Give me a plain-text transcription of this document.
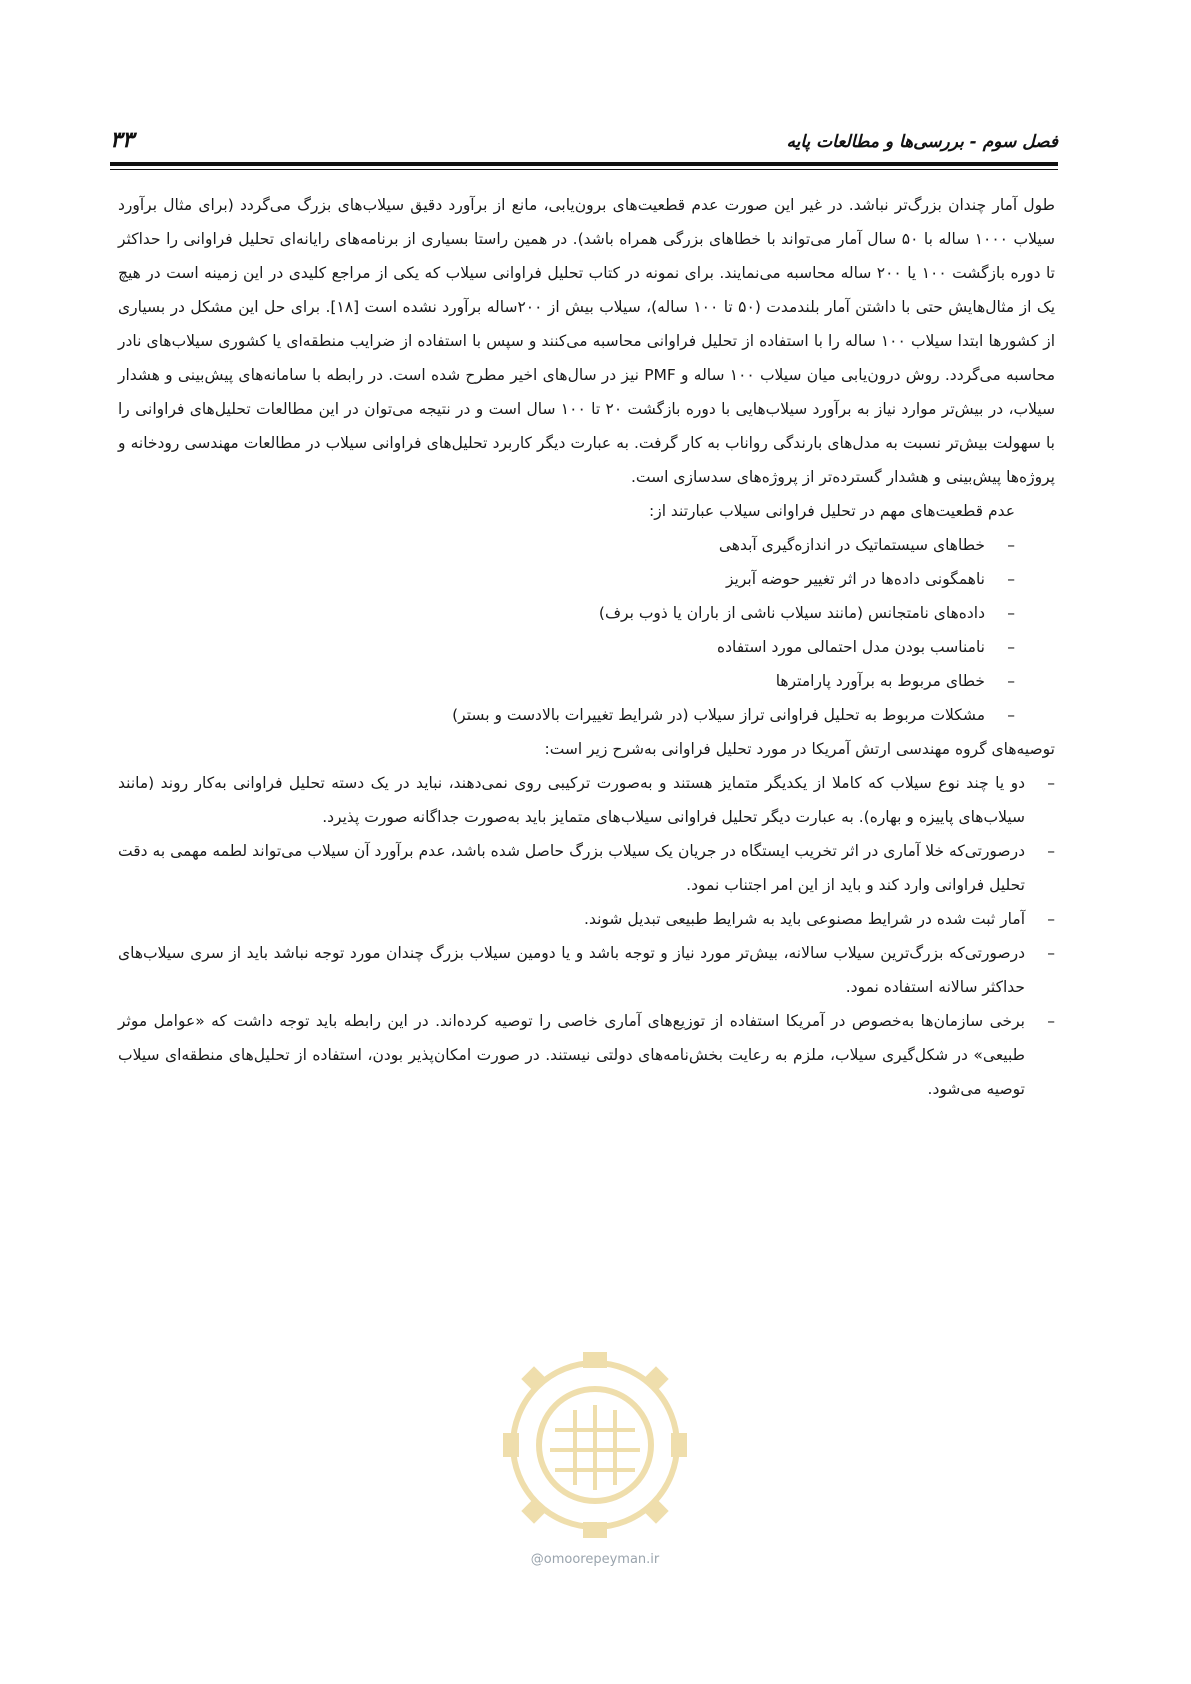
فصل سوم - بررسی‌ها و مطالعات پایه
۳۳

طول آمار چندان بزرگ‌تر نباشد. در غیر این صورت عدم قطعیت‌های برون‌یابی، مانع از برآورد دقیق سیلاب‌های بزرگ می‌گردد (برای مثال برآورد سیلاب ۱۰۰۰ ساله با ۵۰ سال آمار می‌تواند با خطاهای بزرگی همراه باشد). در همین راستا بسیاری از برنامه‌های رایانه‌ای تحلیل فراوانی را حداکثر تا دوره بازگشت ۱۰۰ یا ۲۰۰ ساله محاسبه می‌نمایند. برای نمونه در کتاب تحلیل فراوانی سیلاب که یکی از مراجع کلیدی در این زمینه است در هیچ یک از مثال‌هایش حتی با داشتن آمار بلندمدت (۵۰ تا ۱۰۰ ساله)، سیلاب بیش از ۲۰۰ساله برآورد نشده است [۱۸]. برای حل این مشکل در بسیاری از کشورها ابتدا سیلاب ۱۰۰ ساله را با استفاده از تحلیل فراوانی محاسبه می‌کنند و سپس با استفاده از ضرایب منطقه‌ای یا کشوری سیلاب‌های نادر محاسبه می‌گردد. روش درون‌یابی میان سیلاب ۱۰۰ ساله و PMF نیز در سال‌های اخیر مطرح شده است. در رابطه با سامانه‌های پیش‌بینی و هشدار سیلاب، در بیش‌تر موارد نیاز به برآورد سیلاب‌هایی با دوره بازگشت ۲۰ تا ۱۰۰ سال است و در نتیجه می‌توان در این مطالعات تحلیل‌های فراوانی را با سهولت بیش‌تر نسبت به مدل‌های بارندگی رواناب به کار گرفت. به عبارت دیگر کاربرد تحلیل‌های فراوانی سیلاب در مطالعات مهندسی رودخانه و پروژه‌ها پیش‌بینی و هشدار گسترده‌تر از پروژه‌های سدسازی است.

عدم قطعیت‌های مهم در تحلیل فراوانی سیلاب عبارتند از:

– خطاهای سیستماتیک در اندازه‌گیری آبدهی
– ناهمگونی داده‌ها در اثر تغییر حوضه آبریز
– داده‌های نامتجانس (مانند سیلاب ناشی از باران یا ذوب برف)
– نامناسب بودن مدل احتمالی مورد استفاده
– خطای مربوط به برآورد پارامترها
– مشکلات مربوط به تحلیل فراوانی تراز سیلاب (در شرایط تغییرات بالادست و بستر)

توصیه‌های گروه مهندسی ارتش آمریکا در مورد تحلیل فراوانی به‌شرح زیر است:

– دو یا چند نوع سیلاب که کاملا از یکدیگر متمایز هستند و به‌صورت ترکیبی روی نمی‌دهند، نباید در یک دسته تحلیل فراوانی به‌کار روند (مانند سیلاب‌های پاییزه و بهاره). به عبارت دیگر تحلیل فراوانی سیلاب‌های متمایز باید به‌صورت جداگانه صورت پذیرد.
– درصورتی‌که خلا آماری در اثر تخریب ایستگاه در جریان یک سیلاب بزرگ حاصل شده باشد، عدم برآورد آن سیلاب می‌تواند لطمه مهمی به دقت تحلیل فراوانی وارد کند و باید از این امر اجتناب نمود.
– آمار ثبت شده در شرایط مصنوعی باید به شرایط طبیعی تبدیل شوند.
– درصورتی‌که بزرگ‌ترین سیلاب سالانه، بیش‌تر مورد نیاز و توجه باشد و یا دومین سیلاب بزرگ چندان مورد توجه نباشد باید از سری سیلاب‌های حداکثر سالانه استفاده نمود.
– برخی سازمان‌ها به‌خصوص در آمریکا استفاده از توزیع‌های آماری خاصی را توصیه کرده‌اند. در این رابطه باید توجه داشت که «عوامل موثر طبیعی» در شکل‌گیری سیلاب، ملزم به رعایت بخش‌نامه‌های دولتی نیستند. در صورت امکان‌پذیر بودن، استفاده از تحلیل‌های منطقه‌ای سیلاب توصیه می‌شود.
@omoorepeyman.ir
